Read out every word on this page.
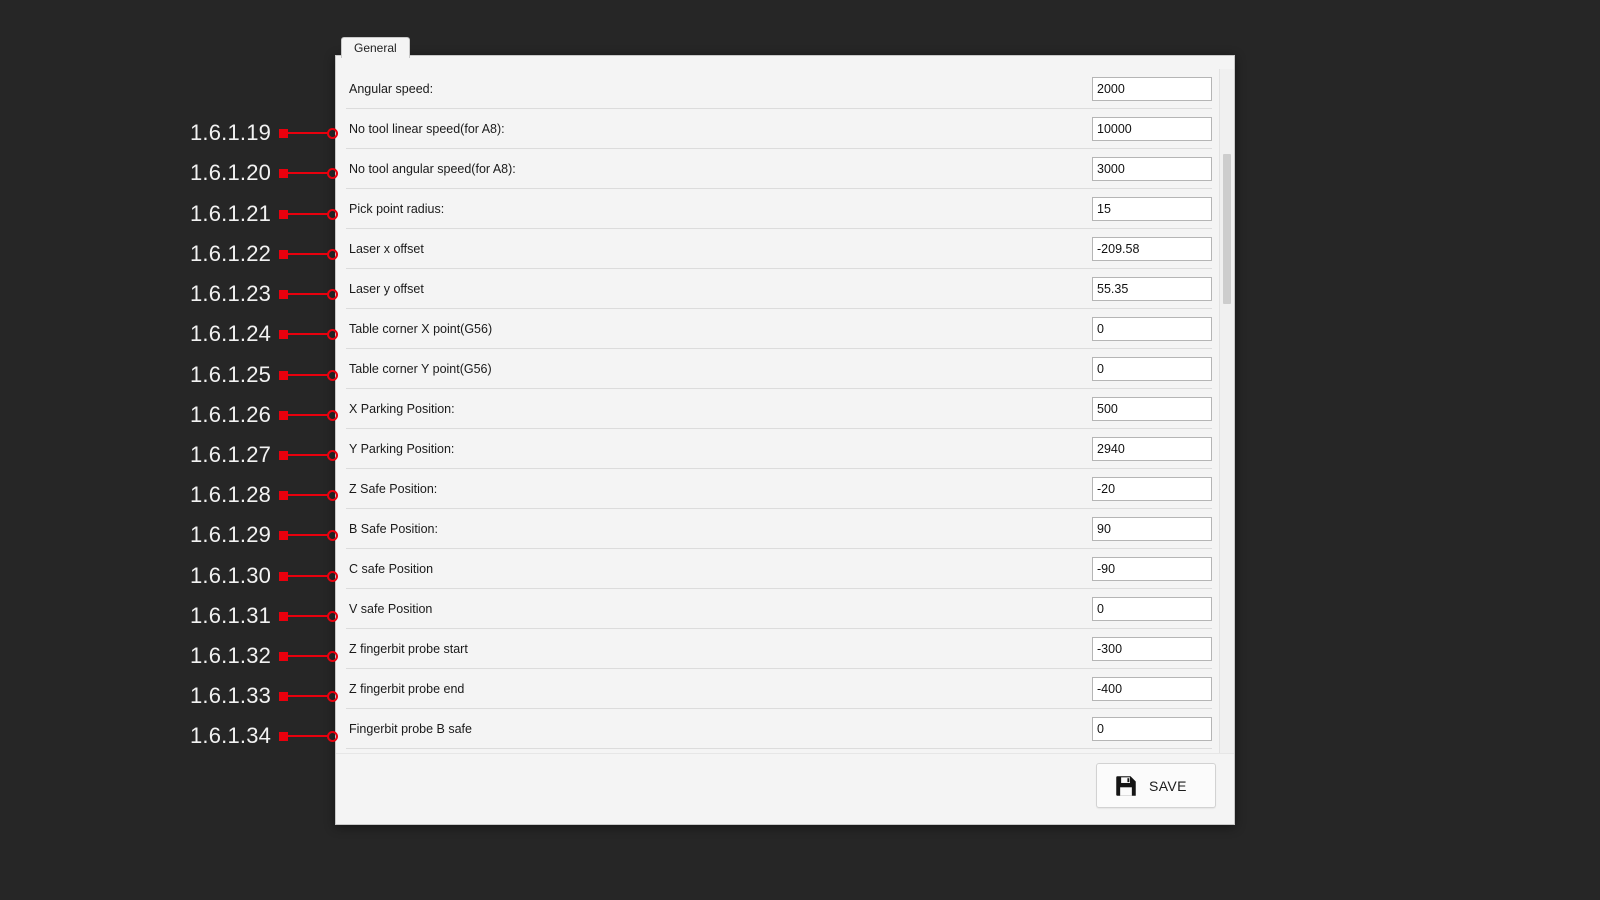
1.6.1.19
1.6.1.20
1.6.1.21
1.6.1.22
1.6.1.23
1.6.1.24
1.6.1.25
1.6.1.26
1.6.1.27
1.6.1.28
1.6.1.29
1.6.1.30
1.6.1.31
1.6.1.32
1.6.1.33
1.6.1.34
General
Angular speed:
2000
No tool linear speed(for A8):
10000
No tool angular speed(for A8):
3000
Pick point radius:
15
Laser x offset
-209.58
Laser y offset
55.35
Table corner X point(G56)
0
Table corner Y point(G56)
0
X Parking Position:
500
Y Parking Position:
2940
Z Safe Position:
-20
B Safe Position:
90
C safe Position
-90
V safe Position
0
Z fingerbit probe start
-300
Z fingerbit probe end
-400
Fingerbit probe B safe
0
SAVE
